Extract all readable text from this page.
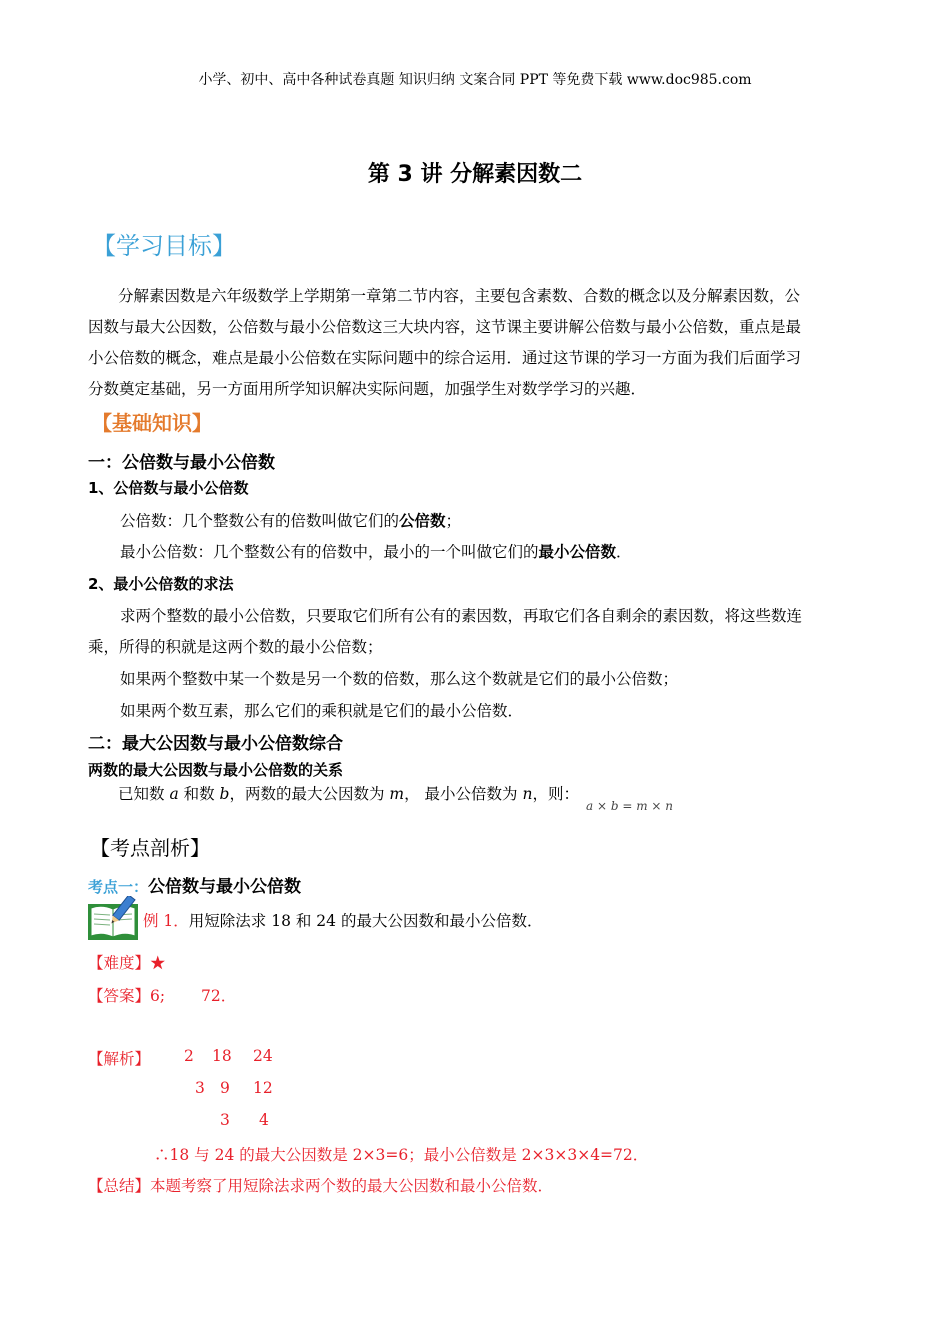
小学、初中、高中各种试卷真题 知识归纳 文案合同 PPT 等免费下载 www.doc985.com
第 3 讲 分解素因数二
【学习目标】
分解素因数是六年级数学上学期第一章第二节内容，主要包含素数、合数的概念以及分解素因数，公
因数与最大公因数，公倍数与最小公倍数这三大块内容，这节课主要讲解公倍数与最小公倍数，重点是最
小公倍数的概念，难点是最小公倍数在实际问题中的综合运用．通过这节课的学习一方面为我们后面学习
分数奠定基础，另一方面用所学知识解决实际问题，加强学生对数学学习的兴趣．
【基础知识】
一：公倍数与最小公倍数
1、公倍数与最小公倍数
公倍数：几个整数公有的倍数叫做它们的公倍数；
最小公倍数：几个整数公有的倍数中，最小的一个叫做它们的最小公倍数．
2、最小公倍数的求法
求两个整数的最小公倍数，只要取它们所有公有的素因数，再取它们各自剩余的素因数，将这些数连
乘，所得的积就是这两个数的最小公倍数；
如果两个整数中某一个数是另一个数的倍数，那么这个数就是它们的最小公倍数；
如果两个数互素，那么它们的乘积就是它们的最小公倍数．
二：最大公因数与最小公倍数综合
两数的最大公因数与最小公倍数的关系
已知数 a 和数 b，两数的最大公因数为 m， 最小公倍数为 n，则：
a × b = m × n
【考点剖析】
考点一：公倍数与最小公倍数
例 1．用短除法求 18 和 24 的最大公因数和最小公倍数．
【难度】★
【答案】6; 72．
【解析】 2 18 24
3 9 12
3 4
∴18 与 24 的最大公因数是 2×3=6；最小公倍数是 2×3×3×4=72．
【总结】本题考察了用短除法求两个数的最大公因数和最小公倍数．
